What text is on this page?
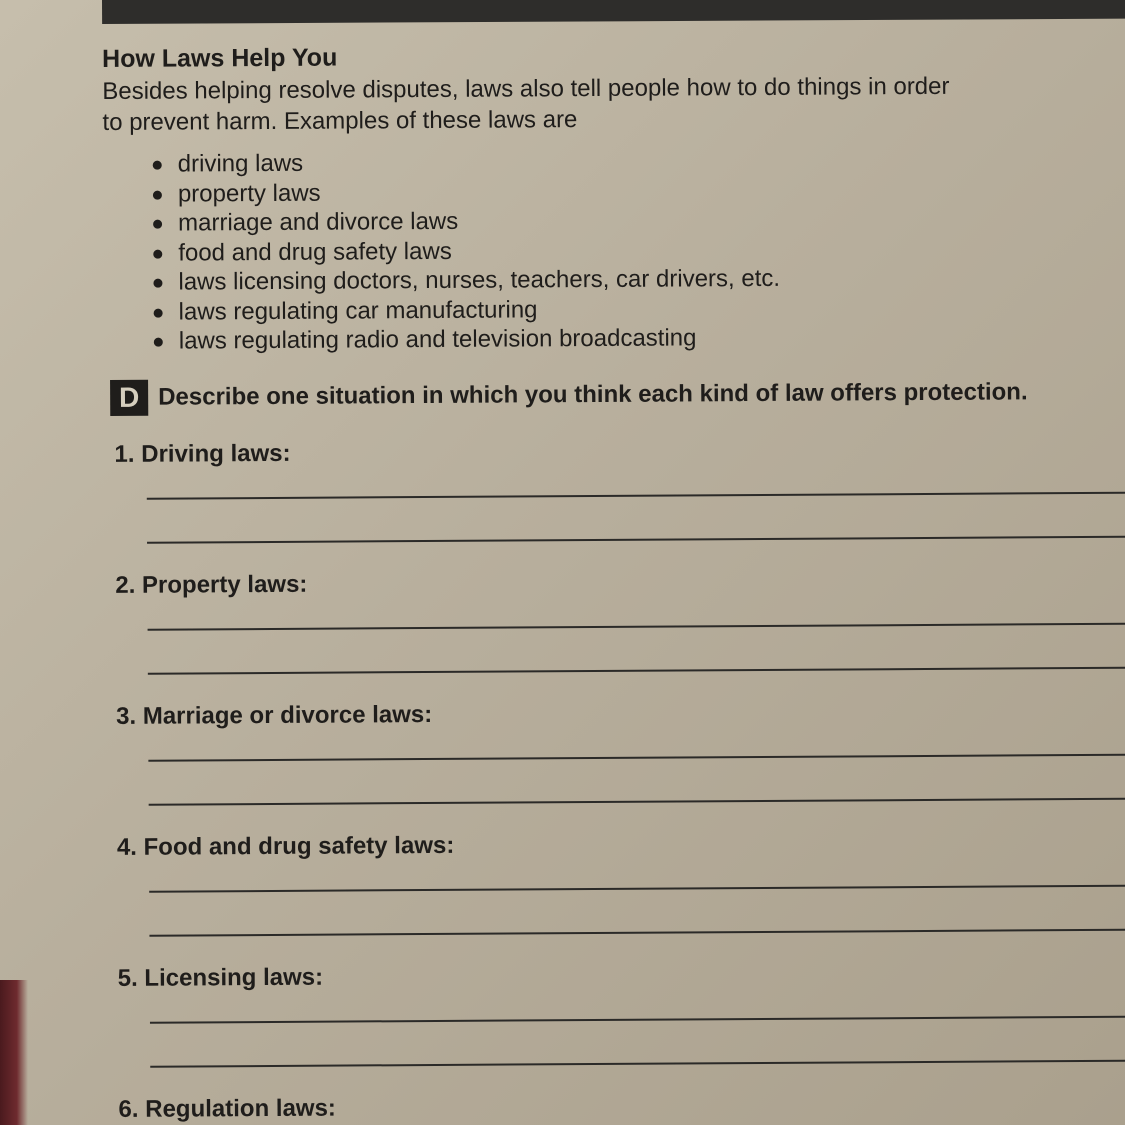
How Laws Help You

Besides helping resolve disputes, laws also tell people how to do things in order to prevent harm. Examples of these laws are

driving laws
property laws
marriage and divorce laws
food and drug safety laws
laws licensing doctors, nurses, teachers, car drivers, etc.
laws regulating car manufacturing
laws regulating radio and television broadcasting
D Describe one situation in which you think each kind of law offers protection.
1. Driving laws:
2. Property laws:
3. Marriage or divorce laws:
4. Food and drug safety laws:
5. Licensing laws:
6. Regulation laws:
